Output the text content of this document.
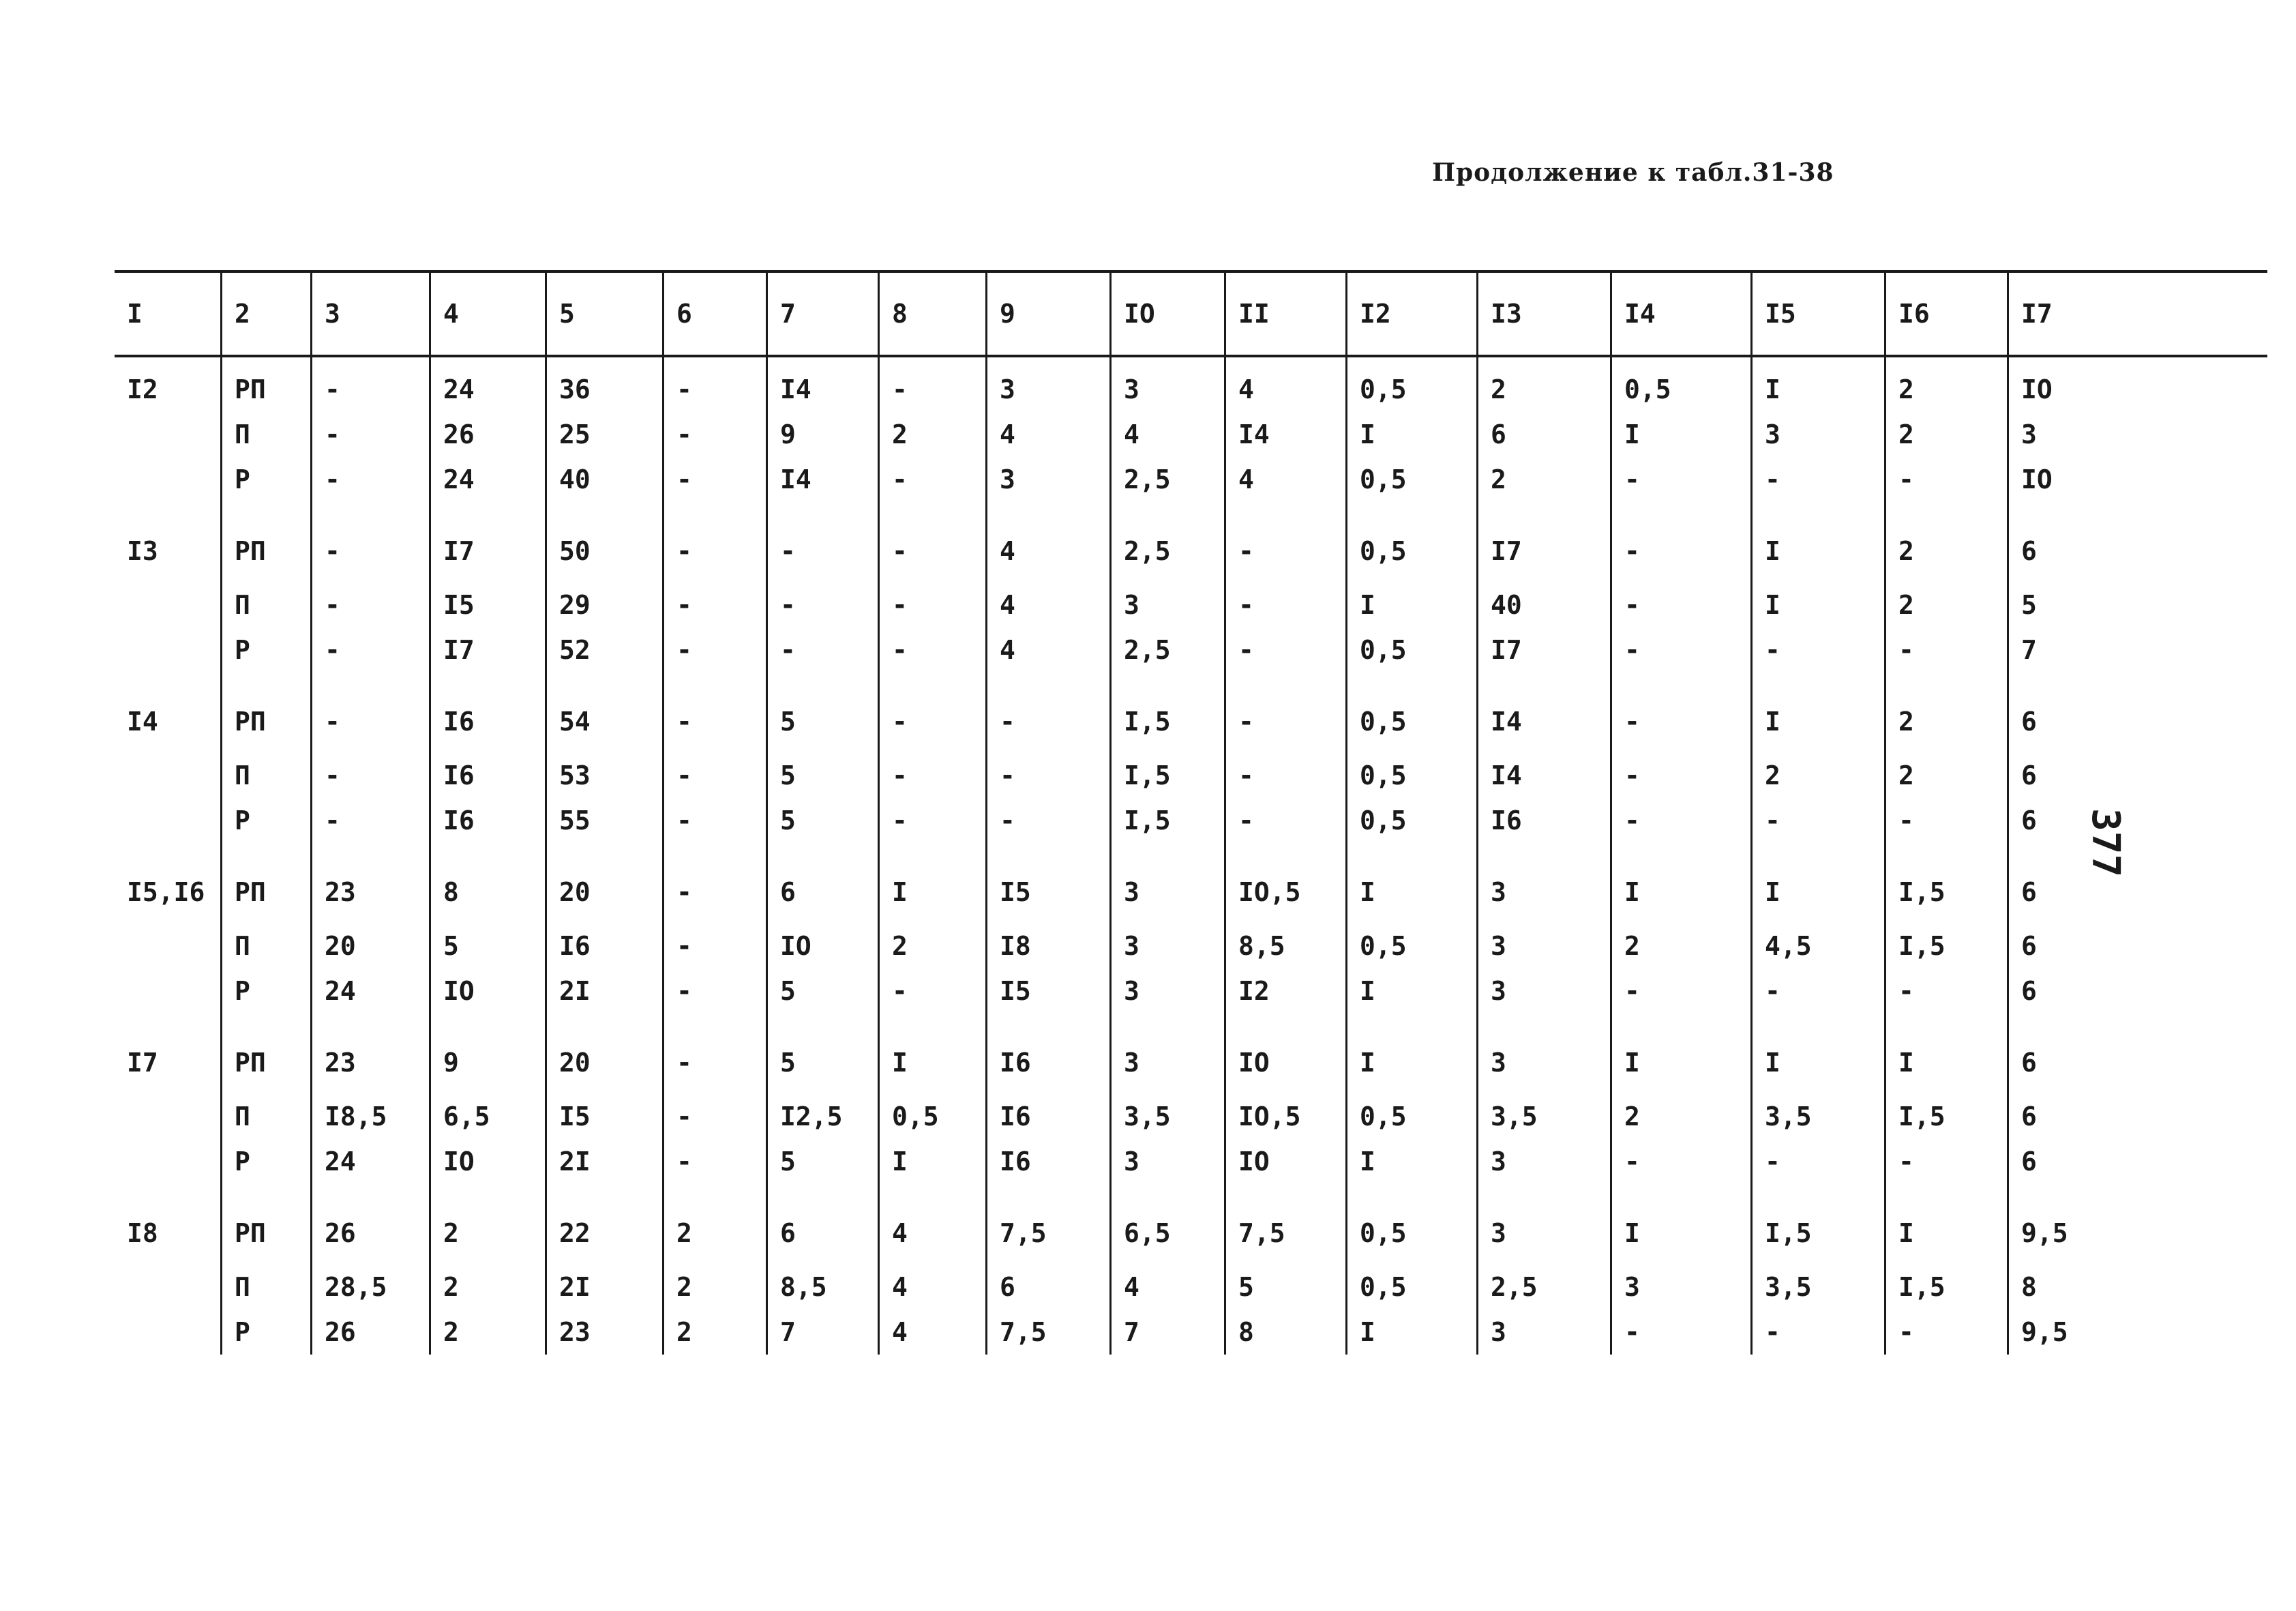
Продолжение к табл.31-38
377
I	2	3	4	5	6	7	8	9	IO	II	I2	I3	I4	I5	I6	I7
I2	РП	-	24	36	-	I4	-	3	3	4	0,5	2	0,5	I	2	IO
	П	-	26	25	-	9	2	4	4	I4	I	6	I	3	2	3
	Р	-	24	40	-	I4	-	3	2,5	4	0,5	2	-	-	-	IO
I3	РП	-	I7	50	-	-	-	4	2,5	-	0,5	I7	-	I	2	6
	П	-	I5	29	-	-	-	4	3	-	I	40	-	I	2	5
	Р	-	I7	52	-	-	-	4	2,5	-	0,5	I7	-	-	-	7
I4	РП	-	I6	54	-	5	-	-	I,5	-	0,5	I4	-	I	2	6
	П	-	I6	53	-	5	-	-	I,5	-	0,5	I4	-	2	2	6
	Р	-	I6	55	-	5	-	-	I,5	-	0,5	I6	-	-	-	6
I5,I6	РП	23	8	20	-	6	I	I5	3	IO,5	I	3	I	I	I,5	6
	П	20	5	I6	-	IO	2	I8	3	8,5	0,5	3	2	4,5	I,5	6
	Р	24	IO	2I	-	5	-	I5	3	I2	I	3	-	-	-	6
I7	РП	23	9	20	-	5	I	I6	3	IO	I	3	I	I	I	6
	П	I8,5	6,5	I5	-	I2,5	0,5	I6	3,5	IO,5	0,5	3,5	2	3,5	I,5	6
	Р	24	IO	2I	-	5	I	I6	3	IO	I	3	-	-	-	6
I8	РП	26	2	22	2	6	4	7,5	6,5	7,5	0,5	3	I	I,5	I	9,5
	П	28,5	2	2I	2	8,5	4	6	4	5	0,5	2,5	3	3,5	I,5	8
	Р	26	2	23	2	7	4	7,5	7	8	I	3	-	-	-	9,5
